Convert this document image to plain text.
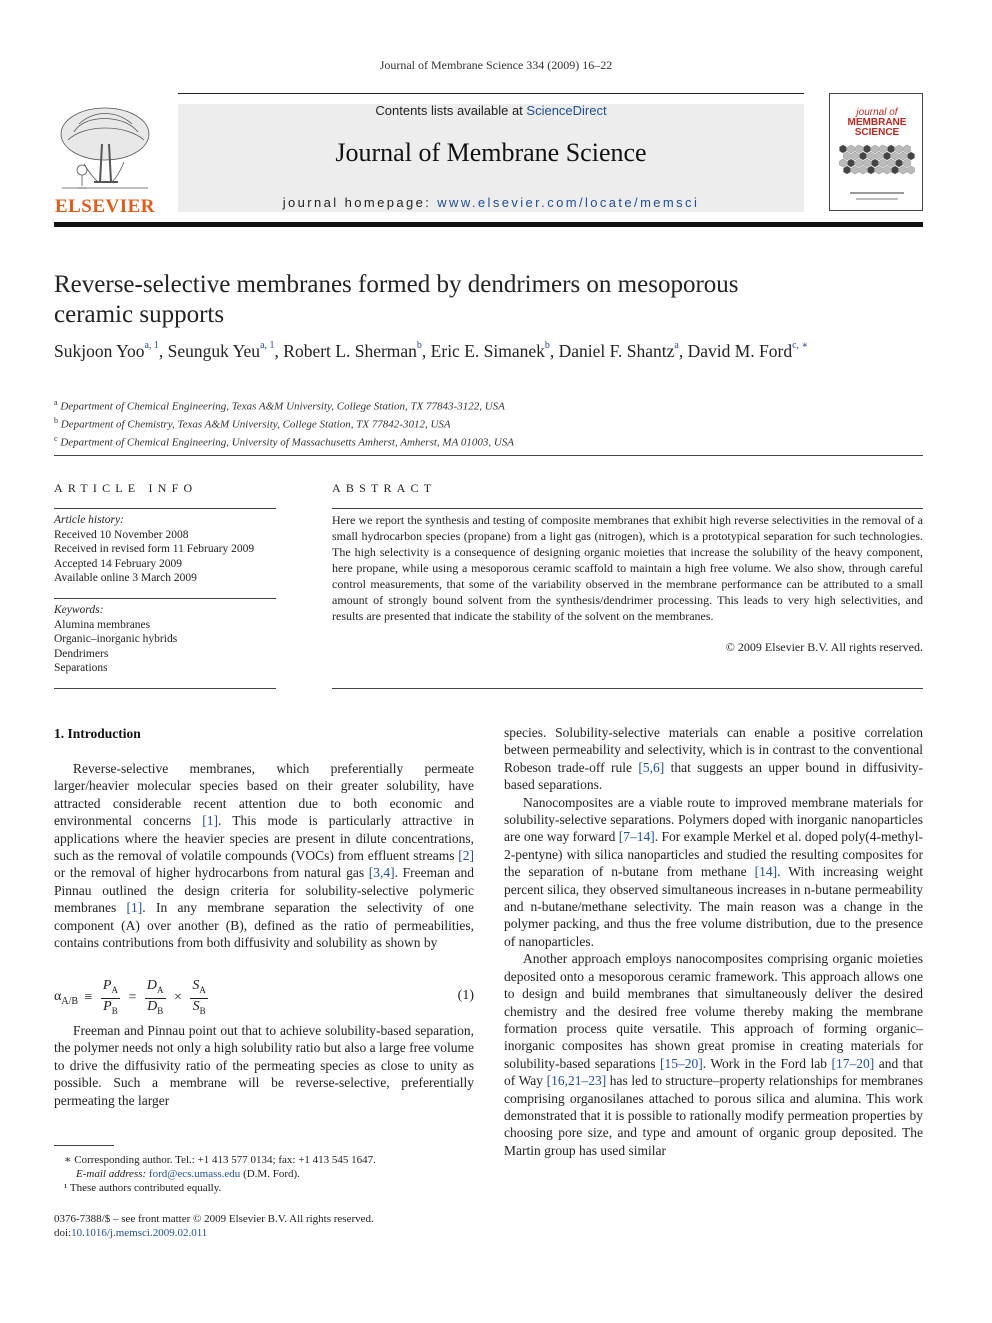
Journal of Membrane Science 334 (2009) 16–22
ELSEVIER
Contents lists available at ScienceDirect
Journal of Membrane Science
journal homepage: www.elsevier.com/locate/memsci
journal of
MEMBRANE
SCIENCE
Reverse-selective membranes formed by dendrimers on mesoporous
ceramic supports
Sukjoon Yoo$^{a, 1}$, Seunguk Yeu$^{a, 1}$, Robert L. Sherman$^b$, Eric E. Simanek$^b$, Daniel F. Shantz$^a$, David M. Ford$^{c, ∗}$
$^a$ Department of Chemical Engineering, Texas A&M University, College Station, TX 77843-3122, USA
$^b$ Department of Chemistry, Texas A&M University, College Station, TX 77842-3012, USA
$^c$ Department of Chemical Engineering, University of Massachusetts Amherst, Amherst, MA 01003, USA
ARTICLE INFO
Article history:
Received 10 November 2008
Received in revised form 11 February 2009
Accepted 14 February 2009
Available online 3 March 2009
Keywords:
Alumina membranes
Organic–inorganic hybrids
Dendrimers
Separations
ABSTRACT
Here we report the synthesis and testing of composite membranes that exhibit high reverse selectivities in the removal of a small hydrocarbon species (propane) from a light gas (nitrogen), which is a prototypical separation for such technologies. The high selectivity is a consequence of designing organic moieties that increase the solubility of the heavy component, here propane, while using a mesoporous ceramic scaffold to maintain a high free volume. We also show, through careful control measurements, that some of the variability observed in the membrane performance can be attributed to a small amount of strongly bound solvent from the synthesis/dendrimer processing. This leads to very high selectivities, and results are presented that indicate the stability of the solvent on the membranes.
© 2009 Elsevier B.V. All rights reserved.
1. Introduction

Reverse-selective membranes, which preferentially permeate larger/heavier molecular species based on their greater solubility, have attracted considerable recent attention due to both economic and environmental concerns [1]. This mode is particularly attractive in applications where the heavier species are present in dilute concentrations, such as the removal of volatile compounds (VOCs) from effluent streams [2] or the removal of higher hydrocarbons from natural gas [3,4]. Freeman and Pinnau outlined the design criteria for solubility-selective polymeric membranes [1]. In any membrane separation the selectivity of one component (A) over another (B), defined as the ratio of permeabilities, contains contributions from both diffusivity and solubility as shown by

$\alpha_{A/B} \equiv \frac{P_A}{P_B} = \frac{D_A}{D_B} \times \frac{S_A}{S_B}$	(1)

Freeman and Pinnau point out that to achieve solubility-based separation, the polymer needs not only a high solubility ratio but also a large free volume to drive the diffusivity ratio of the permeating species as close to unity as possible. Such a membrane will be reverse-selective, preferentially permeating the larger

∗ Corresponding author. Tel.: +1 413 577 0134; fax: +1 413 545 1647.
E-mail address: ford@ecs.umass.edu (D.M. Ford).
¹ These authors contributed equally.
0376-7388/$ – see front matter © 2009 Elsevier B.V. All rights reserved.
doi:10.1016/j.memsci.2009.02.011

species. Solubility-selective materials can enable a positive correlation between permeability and selectivity, which is in contrast to the conventional Robeson trade-off rule [5,6] that suggests an upper bound in diffusivity-based separations.

Nanocomposites are a viable route to improved membrane materials for solubility-selective separations. Polymers doped with inorganic nanoparticles are one way forward [7–14]. For example Merkel et al. doped poly(4-methyl-2-pentyne) with silica nanoparticles and studied the resulting composites for the separation of n-butane from methane [14]. With increasing weight percent silica, they observed simultaneous increases in n-butane permeability and n-butane/methane selectivity. The main reason was a change in the polymer packing, and thus the free volume distribution, due to the presence of nanoparticles.

Another approach employs nanocomposites comprising organic moieties deposited onto a mesoporous ceramic framework. This approach allows one to design and build membranes that simultaneously deliver the desired chemistry and the desired free volume thereby making the membrane formation process quite versatile. This approach of forming organic–inorganic composites has shown great promise in creating materials for solubility-based separations [15–20]. Work in the Ford lab [17–20] and that of Way [16,21–23] has led to structure–property relationships for membranes comprising organosilanes attached to porous silica and alumina. This work demonstrated that it is possible to rationally modify permeation properties by choosing pore size, and type and amount of organic group deposited. The Martin group has used similar
